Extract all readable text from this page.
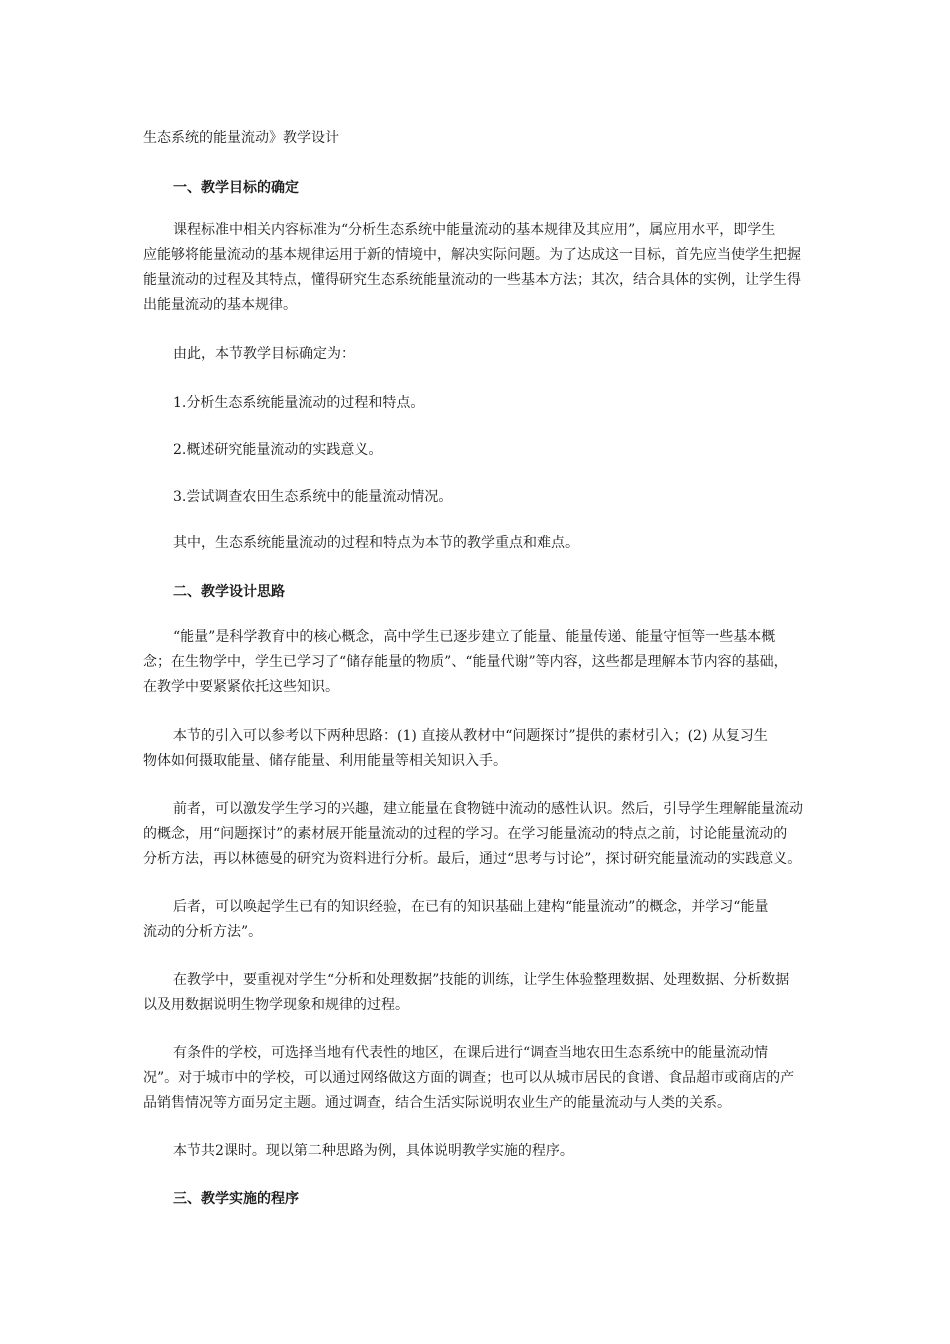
生态系统的能量流动》教学设计
一、教学目标的确定
课程标准中相关内容标准为“分析生态系统中能量流动的基本规律及其应用”，属应用水平，即学生
应能够将能量流动的基本规律运用于新的情境中，解决实际问题。为了达成这一目标，首先应当使学生把握
能量流动的过程及其特点，懂得研究生态系统能量流动的一些基本方法；其次，结合具体的实例，让学生得
出能量流动的基本规律。
由此，本节教学目标确定为：
1.分析生态系统能量流动的过程和特点。
2.概述研究能量流动的实践意义。
3.尝试调查农田生态系统中的能量流动情况。
其中，生态系统能量流动的过程和特点为本节的教学重点和难点。
二、教学设计思路
“能量”是科学教育中的核心概念，高中学生已逐步建立了能量、能量传递、能量守恒等一些基本概
念；在生物学中，学生已学习了“储存能量的物质”、“能量代谢”等内容，这些都是理解本节内容的基础，
在教学中要紧紧依托这些知识。
本节的引入可以参考以下两种思路：(1) 直接从教材中“问题探讨”提供的素材引入；(2) 从复习生
物体如何摄取能量、储存能量、利用能量等相关知识入手。
前者，可以激发学生学习的兴趣，建立能量在食物链中流动的感性认识。然后，引导学生理解能量流动
的概念，用“问题探讨”的素材展开能量流动的过程的学习。在学习能量流动的特点之前，讨论能量流动的
分析方法，再以林德曼的研究为资料进行分析。最后，通过“思考与讨论”，探讨研究能量流动的实践意义。
后者，可以唤起学生已有的知识经验，在已有的知识基础上建构“能量流动”的概念，并学习“能量
流动的分析方法”。
在教学中，要重视对学生“分析和处理数据”技能的训练，让学生体验整理数据、处理数据、分析数据
以及用数据说明生物学现象和规律的过程。
有条件的学校，可选择当地有代表性的地区，在课后进行“调查当地农田生态系统中的能量流动情
况”。对于城市中的学校，可以通过网络做这方面的调查；也可以从城市居民的食谱、食品超市或商店的产
品销售情况等方面另定主题。通过调查，结合生活实际说明农业生产的能量流动与人类的关系。
本节共2课时。现以第二种思路为例，具体说明教学实施的程序。
三、教学实施的程序
